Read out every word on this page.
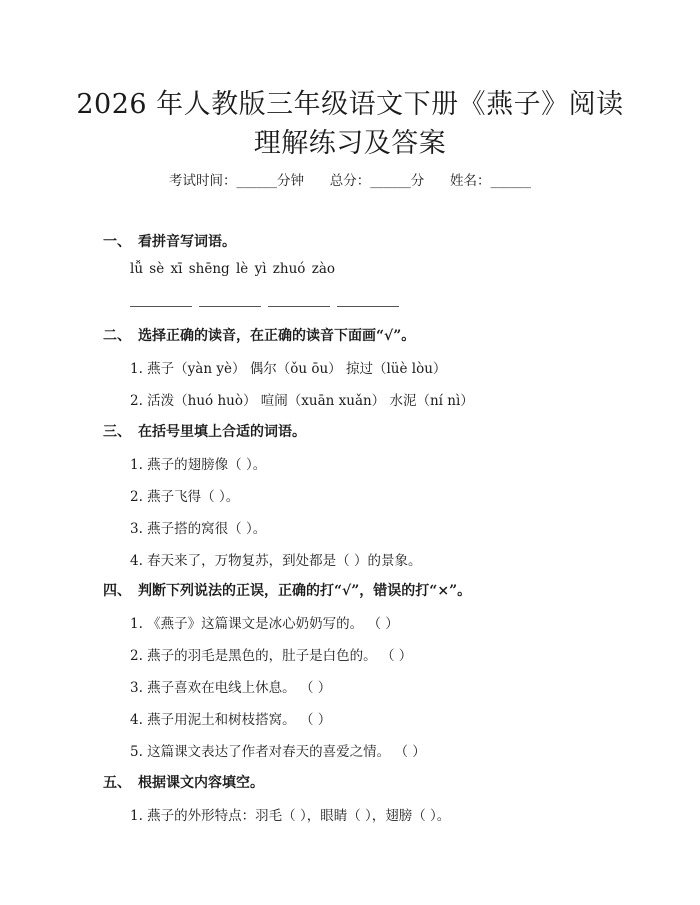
2026 年人教版三年级语文下册《燕子》阅读
理解练习及答案
考试时间：______分钟      总分：______分      姓名：______
一、 看拼音写词语。
lǚ sè xī shēng lè yì zhuó zào
二、 选择正确的读音，在正确的读音下面画“√”。
1. 燕子（yàn yè） 偶尔（ǒu ōu） 掠过（lüè lòu）
2. 活泼（huó huò） 喧闹（xuān xuǎn） 水泥（ní nì）
三、 在括号里填上合适的词语。
1. 燕子的翅膀像（ ）。
2. 燕子飞得（ ）。
3. 燕子搭的窝很（ ）。
4. 春天来了，万物复苏，到处都是（ ）的景象。
四、 判断下列说法的正误，正确的打“√”，错误的打“×”。
1. 《燕子》这篇课文是冰心奶奶写的。 （ ）
2. 燕子的羽毛是黑色的，肚子是白色的。 （ ）
3. 燕子喜欢在电线上休息。 （ ）
4. 燕子用泥土和树枝搭窝。 （ ）
5. 这篇课文表达了作者对春天的喜爱之情。 （ ）
五、 根据课文内容填空。
1. 燕子的外形特点：羽毛（ ），眼睛（ ），翅膀（ ）。
